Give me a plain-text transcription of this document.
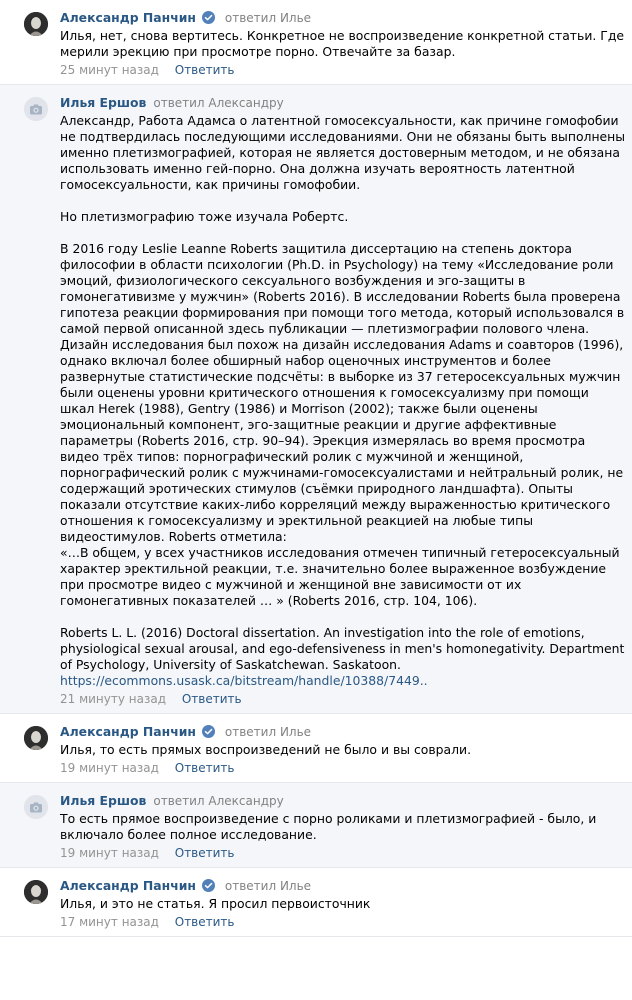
Александр Панчин ответил Илье

Илья, нет, снова вертитесь. Конкретное не воспроизведение конкретной статьи. Где мерили эрекцию при просмотре порно. Отвечайте за базар.

25 минут назад Ответить
Илья Ершов ответил Александру

Александр, Работа Адамса о латентной гомосексуальности, как причине гомофобии не подтвердилась последующими исследованиями. Они не обязаны быть выполнены именно плетизмографией, которая не является достоверным методом, и не обязана использовать именно гей-порно. Она должна изучать вероятность латентной гомосексуальности, как причины гомофобии.

Но плетизмографию тоже изучала Робертс.

В 2016 году Leslie Leanne Roberts защитила диссертацию на степень доктора философии в области психологии (Ph.D. in Psychology) на тему «Исследование роли эмоций, физиологического сексуального возбуждения и эго-защиты в гомонегативизме у мужчин» (Roberts 2016). В исследовании Roberts была проверена гипотеза реакции формирования при помощи того метода, который использовался в самой первой описанной здесь публикации — плетизмографии полового члена. Дизайн исследования был похож на дизайн исследования Adams и соавторов (1996), однако включал более обширный набор оценочных инструментов и более развернутые статистические подсчёты: в выборке из 37 гетеросексуальных мужчин были оценены уровни критического отношения к гомосексуализму при помощи шкал Herek (1988), Gentry (1986) и Morrison (2002); также были оценены эмоциональный компонент, эго-защитные реакции и другие аффективные параметры (Roberts 2016, стр. 90–94). Эрекция измерялась во время просмотра видео трёх типов: порнографический ролик с мужчиной и женщиной, порнографический ролик с мужчинами-гомосексуалистами и нейтральный ролик, не содержащий эротических стимулов (съёмки природного ландшафта). Опыты показали отсутствие каких-либо корреляций между выраженностью критического отношения к гомосексуализму и эректильной реакцией на любые типы видеостимулов. Roberts отметила:
«…В общем, у всех участников исследования отмечен типичный гетеросексуальный характер эректильной реакции, т.е. значительно более выраженное возбуждение при просмотре видео с мужчиной и женщиной вне зависимости от их гомонегативных показателей … » (Roberts 2016, стр. 104, 106).

Roberts L. L. (2016) Doctoral dissertation. An investigation into the role of emotions, physiological sexual arousal, and ego-defensiveness in men's homonegativity. Department of Psychology, University of Saskatchewan. Saskatoon.

https://ecommons.usask.ca/bitstream/handle/10388/7449..
21 минуту назад Ответить
Александр Панчин ответил Илье

Илья, то есть прямых воспроизведений не было и вы соврали.

19 минут назад Ответить
Илья Ершов ответил Александру

То есть прямое воспроизведение с порно роликами и плетизмографией - было, и включало более полное исследование.

19 минут назад Ответить
Александр Панчин ответил Илье

Илья, и это не статья. Я просил первоисточник

17 минут назад Ответить
